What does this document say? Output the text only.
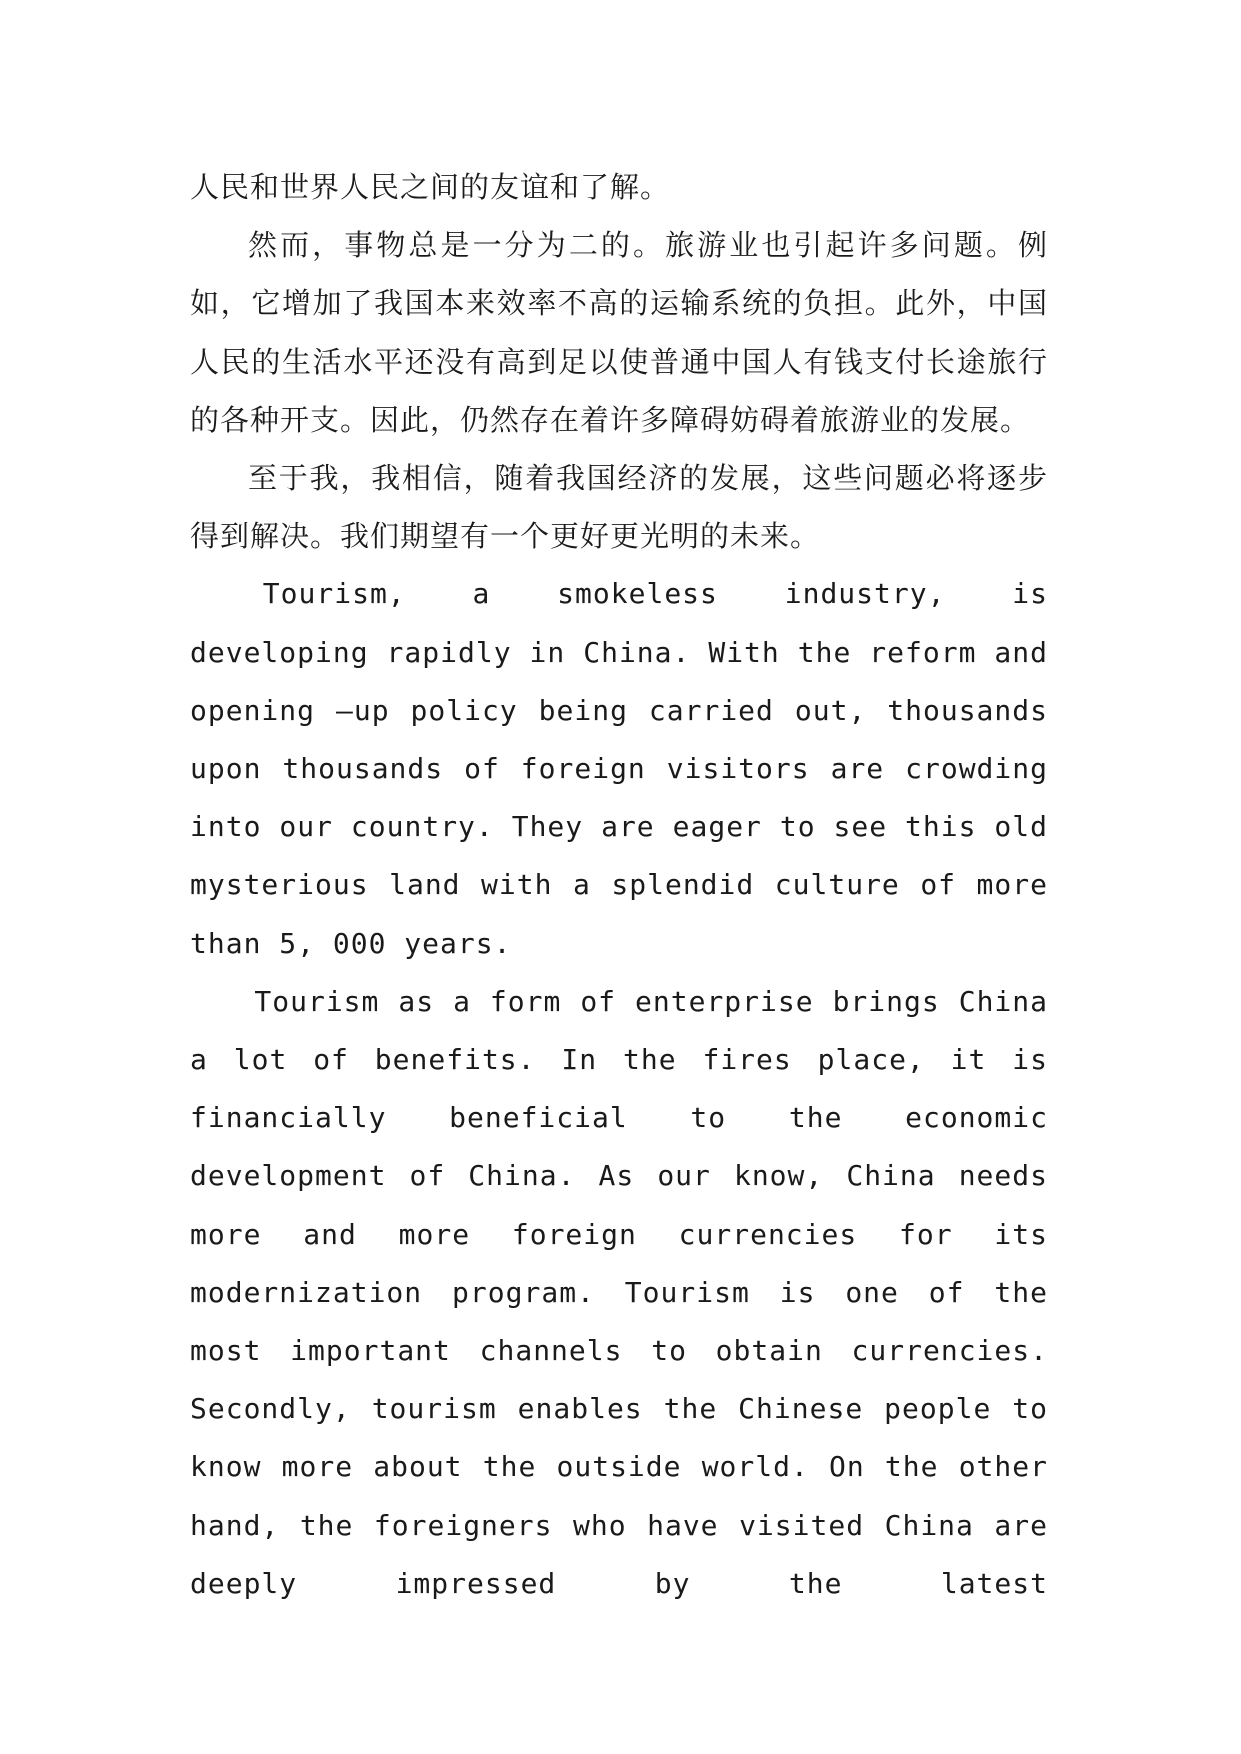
人民和世界人民之间的友谊和了解。

然而，事物总是一分为二的。旅游业也引起许多问题。例如，它增加了我国本来效率不高的运输系统的负担。此外，中国人民的生活水平还没有高到足以使普通中国人有钱支付长途旅行的各种开支。因此，仍然存在着许多障碍妨碍着旅游业的发展。

至于我，我相信，随着我国经济的发展，这些问题必将逐步得到解决。我们期望有一个更好更光明的未来。

Tourism, a smokeless industry, is developing rapidly in China. With the reform and opening –up policy being carried out, thousands upon thousands of foreign visitors are crowding into our country. They are eager to see this old mysterious land with a splendid culture of more than 5, 000 years.

Tourism as a form of enterprise brings China a lot of benefits. In the fires place, it is financially beneficial to the economic development of China. As our know, China needs more and more foreign currencies for its modernization program. Tourism is one of the most important channels to obtain currencies. Secondly, tourism enables the Chinese people to know more about the outside world. On the other hand, the foreigners who have visited China are deeply impressed by the latest
